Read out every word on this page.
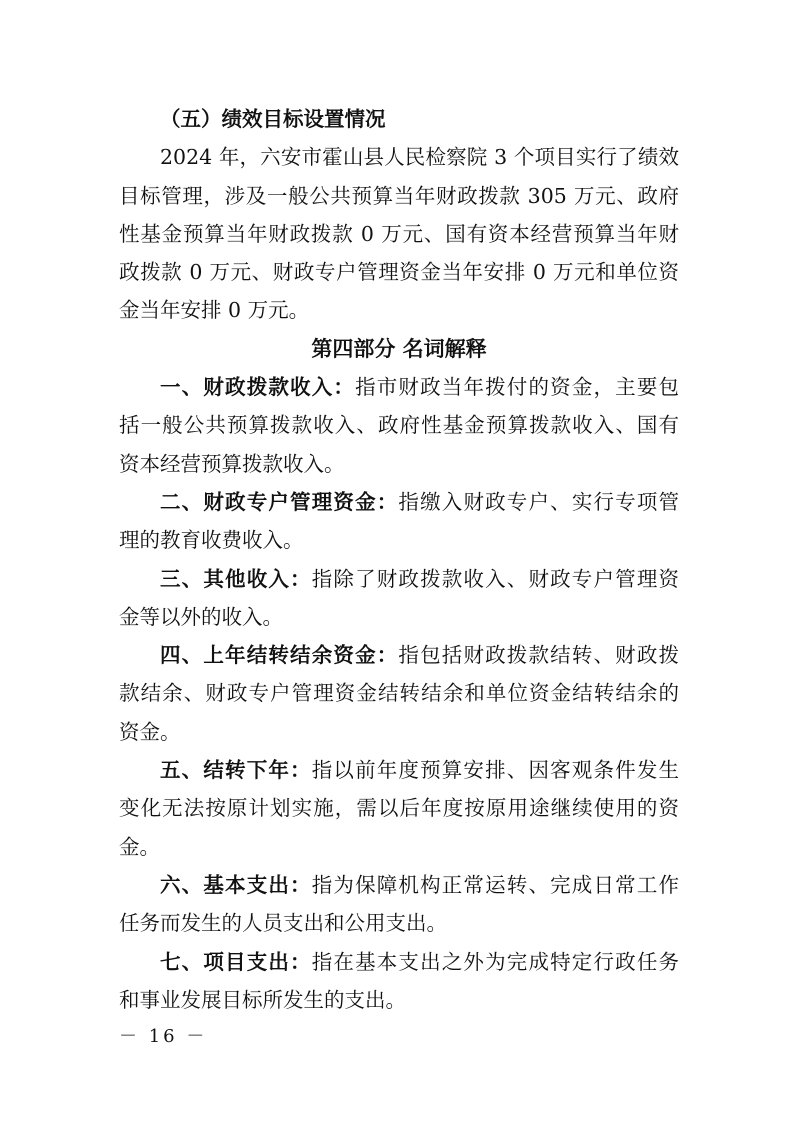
（五）绩效目标设置情况
2024 年，六安市霍山县人民检察院 3 个项目实行了绩效
目标管理，涉及一般公共预算当年财政拨款 305 万元、政府
性基金预算当年财政拨款 0 万元、国有资本经营预算当年财
政拨款 0 万元、财政专户管理资金当年安排 0 万元和单位资
金当年安排 0 万元。
第四部分 名词解释
一、财政拨款收入：指市财政当年拨付的资金，主要包
括一般公共预算拨款收入、政府性基金预算拨款收入、国有
资本经营预算拨款收入。
二、财政专户管理资金：指缴入财政专户、实行专项管
理的教育收费收入。
三、其他收入：指除了财政拨款收入、财政专户管理资
金等以外的收入。
四、上年结转结余资金：指包括财政拨款结转、财政拨
款结余、财政专户管理资金结转结余和单位资金结转结余的
资金。
五、结转下年：指以前年度预算安排、因客观条件发生
变化无法按原计划实施，需以后年度按原用途继续使用的资
金。
六、基本支出：指为保障机构正常运转、完成日常工作
任务而发生的人员支出和公用支出。
七、项目支出：指在基本支出之外为完成特定行政任务
和事业发展目标所发生的支出。
－ 16 －
